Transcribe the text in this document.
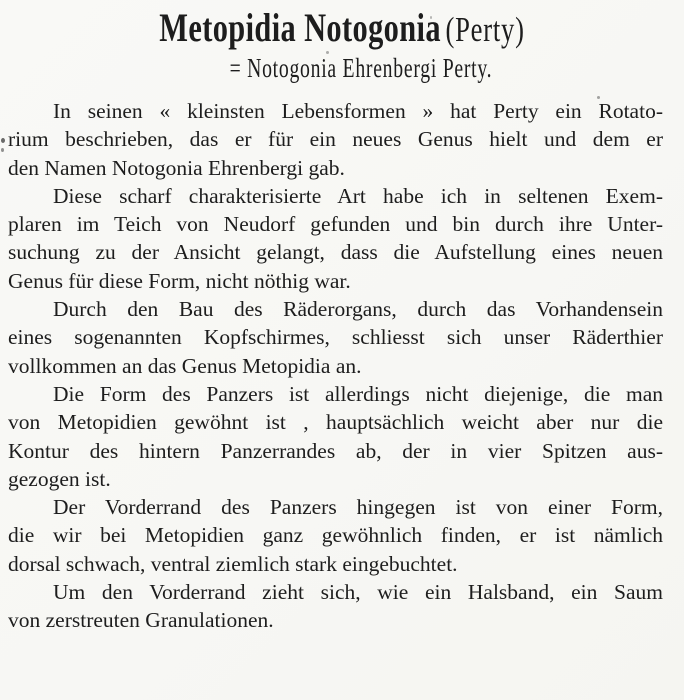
Metopidia Notogonia (Perty)
= Notogonia Ehrenbergi Perty.
In seinen « kleinsten Lebensformen » hat Perty ein Rotato-
rium beschrieben, das er für ein neues Genus hielt und dem er
den Namen Notogonia Ehrenbergi gab.
Diese scharf charakterisierte Art habe ich in seltenen Exem-
plaren im Teich von Neudorf gefunden und bin durch ihre Unter-
suchung zu der Ansicht gelangt, dass die Aufstellung eines neuen
Genus für diese Form, nicht nöthig war.
Durch den Bau des Räderorgans, durch das Vorhandensein
eines sogenannten Kopfschirmes, schliesst sich unser Räderthier
vollkommen an das Genus Metopidia an.
Die Form des Panzers ist allerdings nicht diejenige, die man
von Metopidien gewöhnt ist , hauptsächlich weicht aber nur die
Kontur des hintern Panzerrandes ab, der in vier Spitzen aus-
gezogen ist.
Der Vorderrand des Panzers hingegen ist von einer Form,
die wir bei Metopidien ganz gewöhnlich finden, er ist nämlich
dorsal schwach, ventral ziemlich stark eingebuchtet.
Um den Vorderrand zieht sich, wie ein Halsband, ein Saum
von zerstreuten Granulationen.
